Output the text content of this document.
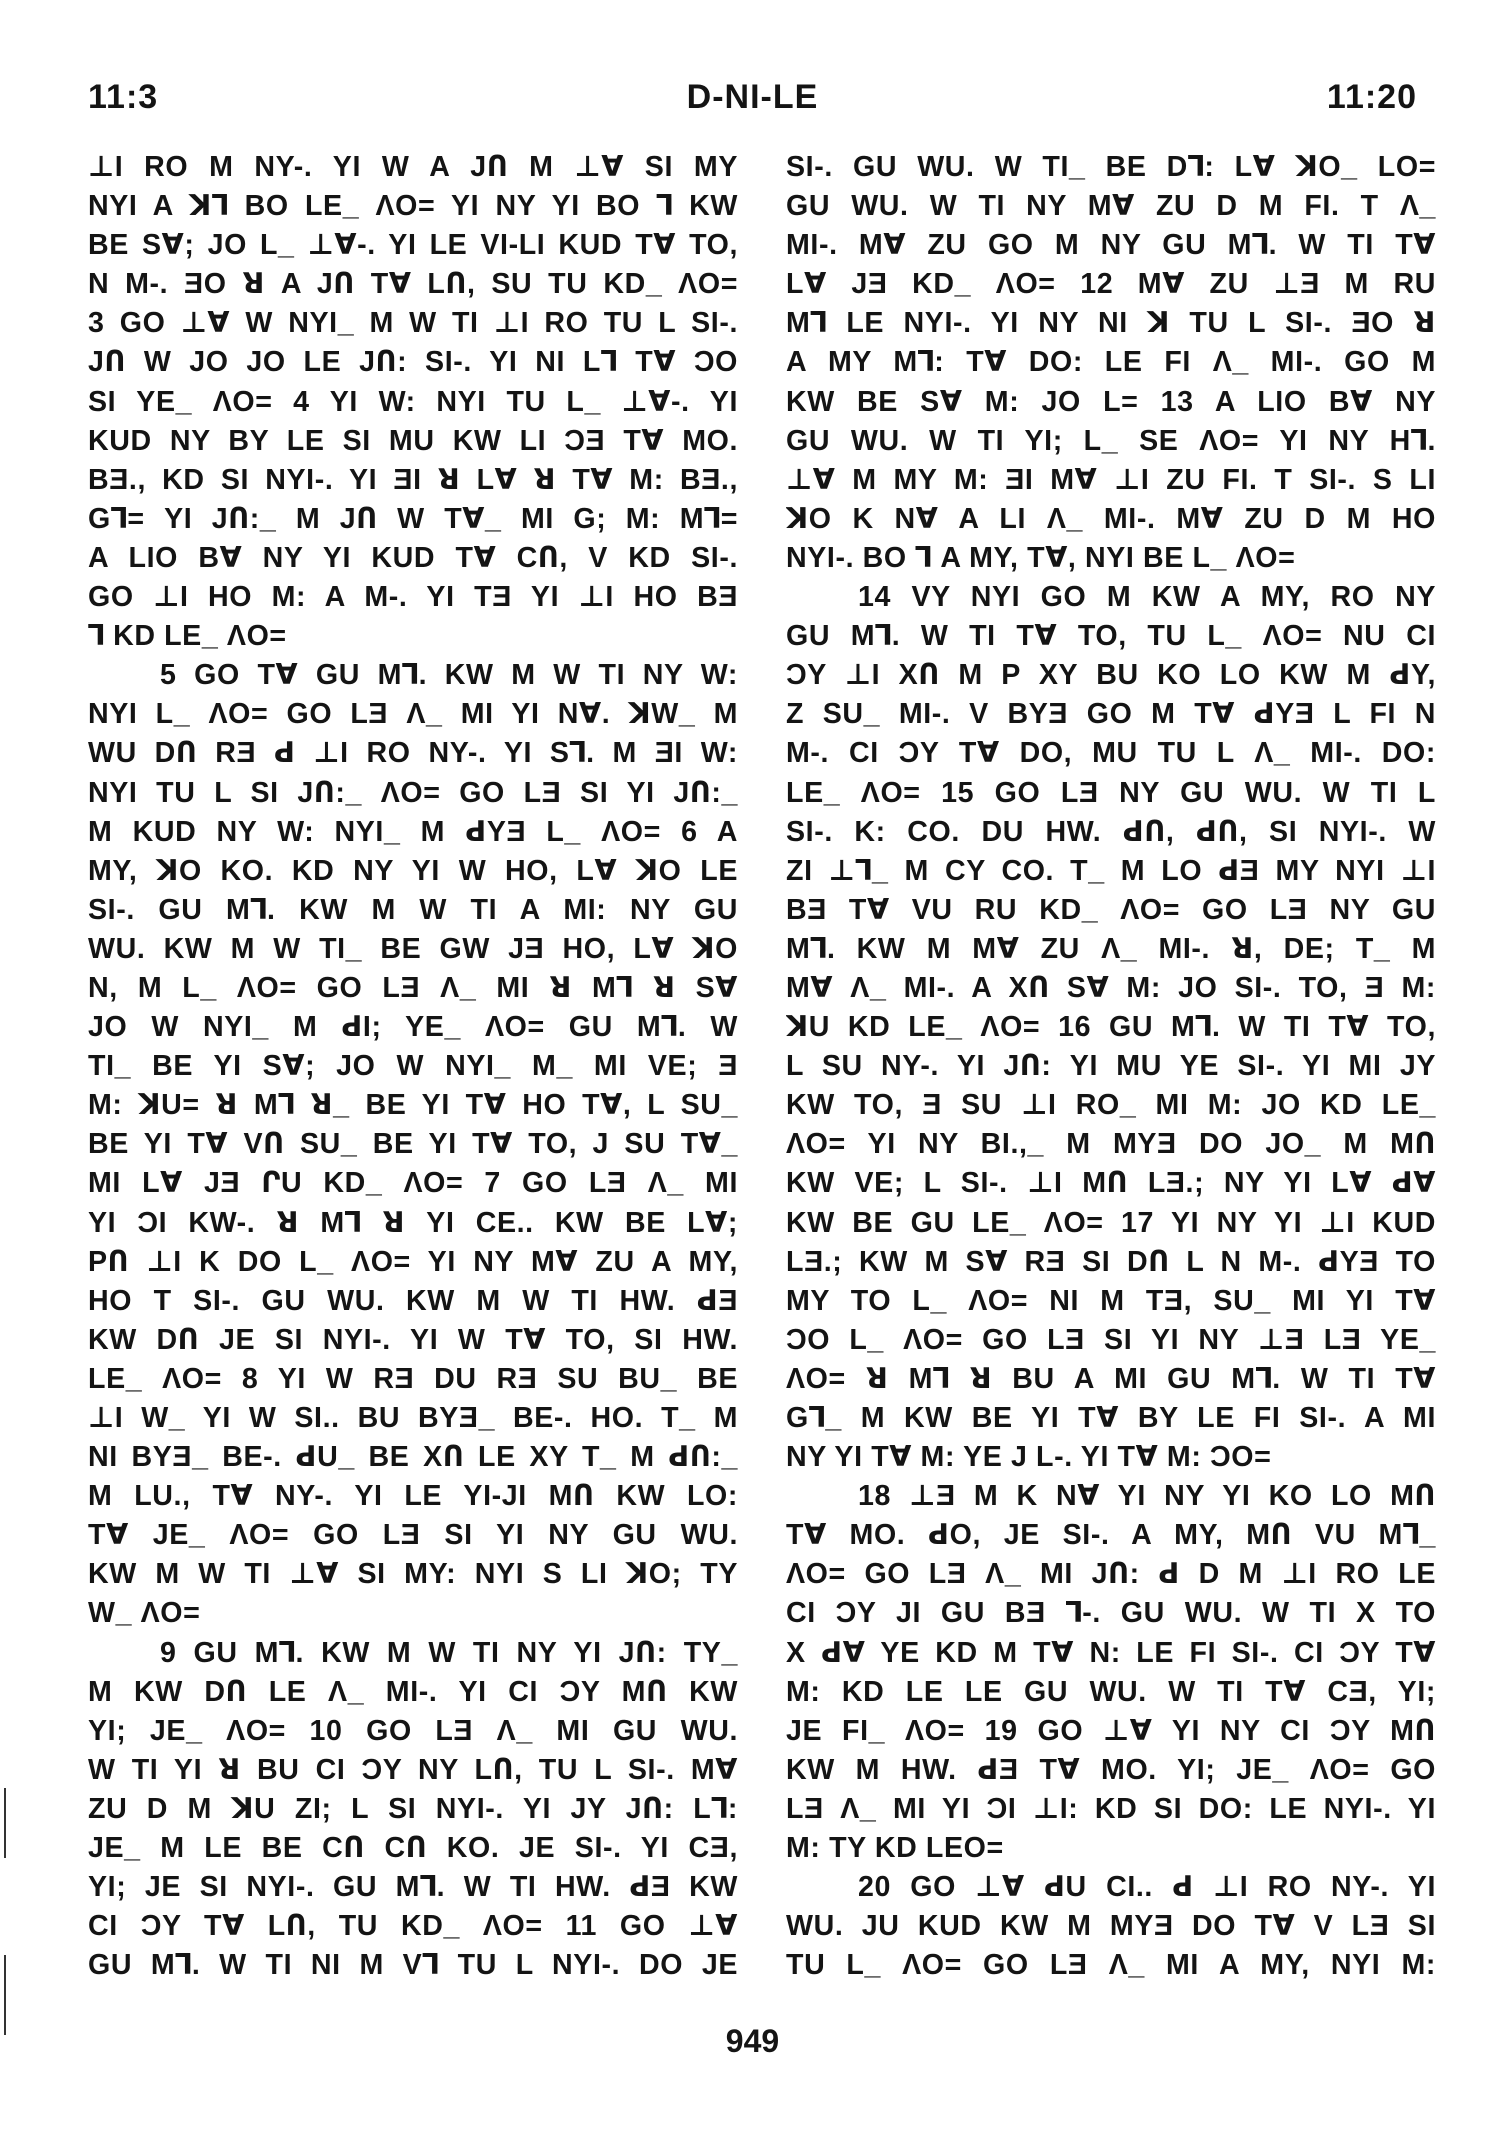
11:3	D-NI-LE	11:20
⊥I RO M NY-. YI W A JՈ M ⊥Ɐ SI MY
NYI A ꓘꓶ BO LE_ ɅO= YI NY YI BO ꓶ KW
BE SⱯ; JO L_ ⊥Ɐ-. YI LE VI-LI KUD TⱯ TO,
N M-. ƎO ꓤ A JՈ TⱯ LՈ, SU TU KD_ ɅO=
3 GO ⊥Ɐ W NYI_ M W TI ⊥I RO TU L SI-.
JՈ W JO JO LE JՈ: SI-. YI NI Lꓶ TⱯ ƆO
SI YE_ ɅO= 4 YI W: NYI TU L_ ⊥Ɐ-. YI
KUD NY BY LE SI MU KW LI ƆƎ TⱯ MO.
BƎ., KD SI NYI-. YI ƎI ꓤ LⱯ ꓤ TⱯ M: BƎ.,
Gꓶ= YI JՈ:_ M JՈ W TⱯ_ MI G; M: Mꓶ=
A LIO BⱯ NY YI KUD TⱯ CՈ, V KD SI-.
GO ⊥I HO M: A M-. YI TƎ YI ⊥I HO BƎ
ꓶ KD LE_ ɅO=
5 GO TⱯ GU Mꓶ. KW M W TI NY W:
NYI L_ ɅO= GO LƎ Ʌ_ MI YI NⱯ. ꓘW_ M
WU DՈ RƎ ꓒ ⊥I RO NY-. YI Sꓶ. M ƎI W:
NYI TU L SI JՈ:_ ɅO= GO LƎ SI YI JՈ:_
M KUD NY W: NYI_ M ꓒYƎ L_ ɅO= 6 A
MY, ꓘO KO. KD NY YI W HO, LⱯ ꓘO LE
SI-. GU Mꓶ. KW M W TI A MI: NY GU
WU. KW M W TI_ BE GW JƎ HO, LⱯ ꓘO
N, M L_ ɅO= GO LƎ Ʌ_ MI ꓤ Mꓶ ꓤ SⱯ
JO W NYI_ M ꓒI; YE_ ɅO= GU Mꓶ. W
TI_ BE YI SⱯ; JO W NYI_ M_ MI VE; Ǝ
M: ꓘU= ꓤ Mꓶ ꓤ_ BE YI TⱯ HO TⱯ, L SU_
BE YI TⱯ VՈ SU_ BE YI TⱯ TO, J SU TⱯ_
MI LⱯ JƎ ՐU KD_ ɅO= 7 GO LƎ Ʌ_ MI
YI ƆI KW-. ꓤ Mꓶ ꓤ YI CE.. KW BE LⱯ;
PՈ ⊥I K DO L_ ɅO= YI NY MⱯ ZU A MY,
HO T SI-. GU WU. KW M W TI HW. ꓒƎ
KW DՈ JE SI NYI-. YI W TⱯ TO, SI HW.
LE_ ɅO= 8 YI W RƎ DU RƎ SU BU_ BE
⊥I W_ YI W SI.. BU BYƎ_ BE-. HO. T_ M
NI BYƎ_ BE-. ꓒU_ BE XՈ LE XY T_ M ꓒՈ:_
M LU., TⱯ NY-. YI LE YI-JI MՈ KW LO:
TⱯ JE_ ɅO= GO LƎ SI YI NY GU WU.
KW M W TI ⊥Ɐ SI MY: NYI S LI ꓘO; TY
W_ ɅO=
9 GU Mꓶ. KW M W TI NY YI JՈ: TY_
M KW DՈ LE Ʌ_ MI-. YI CI ƆY MՈ KW
YI; JE_ ɅO= 10 GO LƎ Ʌ_ MI GU WU.
W TI YI ꓤ BU CI ƆY NY LՈ, TU L SI-. MⱯ
ZU D M ꓘU ZI; L SI NYI-. YI JY JՈ: Lꓶ:
JE_ M LE BE CՈ CՈ KO. JE SI-. YI CƎ,
YI; JE SI NYI-. GU Mꓶ. W TI HW. ꓒƎ KW
CI ƆY TⱯ LՈ, TU KD_ ɅO= 11 GO ⊥Ɐ
GU Mꓶ. W TI NI M Vꓶ TU L NYI-. DO JE
SI-. GU WU. W TI_ BE Dꓶ: LⱯ ꓘO_ LO=
GU WU. W TI NY MⱯ ZU D M FI. T Ʌ_
MI-. MⱯ ZU GO M NY GU Mꓶ. W TI TⱯ
LⱯ JƎ KD_ ɅO= 12 MⱯ ZU ⊥Ǝ M RU
Mꓶ LE NYI-. YI NY NI ꓘ TU L SI-. ƎO ꓤ
A MY Mꓶ: TⱯ DO: LE FI Ʌ_ MI-. GO M
KW BE SⱯ M: JO L= 13 A LIO BⱯ NY
GU WU. W TI YI; L_ SE ɅO= YI NY Hꓶ.
⊥Ɐ M MY M: ƎI MⱯ ⊥I ZU FI. T SI-. S LI
ꓘO K NⱯ A LI Ʌ_ MI-. MⱯ ZU D M HO
NYI-. BO ꓶ A MY, TⱯ, NYI BE L_ ɅO=
14 VY NYI GO M KW A MY, RO NY
GU Mꓶ. W TI TⱯ TO, TU L_ ɅO= NU CI
ƆY ⊥I XՈ M P XY BU KO LO KW M ꓒY,
Z SU_ MI-. V BYƎ GO M TⱯ ꓒYƎ L FI N
M-. CI ƆY TⱯ DO, MU TU L Ʌ_ MI-. DO:
LE_ ɅO= 15 GO LƎ NY GU WU. W TI L
SI-. K: CO. DU HW. ꓒՈ, ꓒՈ, SI NYI-. W
ZI ⊥ꓶ_ M CY CO. T_ M LO ꓒƎ MY NYI ⊥I
BƎ TⱯ VU RU KD_ ɅO= GO LƎ NY GU
Mꓶ. KW M MⱯ ZU Ʌ_ MI-. ꓤ, DE; T_ M
MⱯ Ʌ_ MI-. A XՈ SⱯ M: JO SI-. TO, Ǝ M:
ꓘU KD LE_ ɅO= 16 GU Mꓶ. W TI TⱯ TO,
L SU NY-. YI JՈ: YI MU YE SI-. YI MI JY
KW TO, Ǝ SU ⊥I RO_ MI M: JO KD LE_
ɅO= YI NY BI.,_ M MYƎ DO JO_ M MՈ
KW VE; L SI-. ⊥I MՈ LƎ.; NY YI LⱯ ꓒⱯ
KW BE GU LE_ ɅO= 17 YI NY YI ⊥I KUD
LƎ.; KW M SⱯ RƎ SI DՈ L N M-. ꓒYƎ TO
MY TO L_ ɅO= NI M TƎ, SU_ MI YI TⱯ
ƆO L_ ɅO= GO LƎ SI YI NY ⊥Ǝ LƎ YE_
ɅO= ꓤ Mꓶ ꓤ BU A MI GU Mꓶ. W TI TⱯ
Gꓶ_ M KW BE YI TⱯ BY LE FI SI-. A MI
NY YI TⱯ M: YE J L-. YI TⱯ M: ƆO=
18 ⊥Ǝ M K NⱯ YI NY YI KO LO MՈ
TⱯ MO. ꓒO, JE SI-. A MY, MՈ VU Mꓶ_
ɅO= GO LƎ Ʌ_ MI JՈ: ꓒ D M ⊥I RO LE
CI ƆY JI GU BƎ ꓶ-. GU WU. W TI X TO
X ꓒⱯ YE KD M TⱯ N: LE FI SI-. CI ƆY TⱯ
M: KD LE LE GU WU. W TI TⱯ CƎ, YI;
JE FI_ ɅO= 19 GO ⊥Ɐ YI NY CI ƆY MՈ
KW M HW. ꓒƎ TⱯ MO. YI; JE_ ɅO= GO
LƎ Ʌ_ MI YI ƆI ⊥I: KD SI DO: LE NYI-. YI
M: TY KD LEO=
20 GO ⊥Ɐ ꓒU CI.. ꓒ ⊥I RO NY-. YI
WU. JU KUD KW M MYƎ DO TⱯ V LƎ SI
TU L_ ɅO= GO LƎ Ʌ_ MI A MY, NYI M:
949
